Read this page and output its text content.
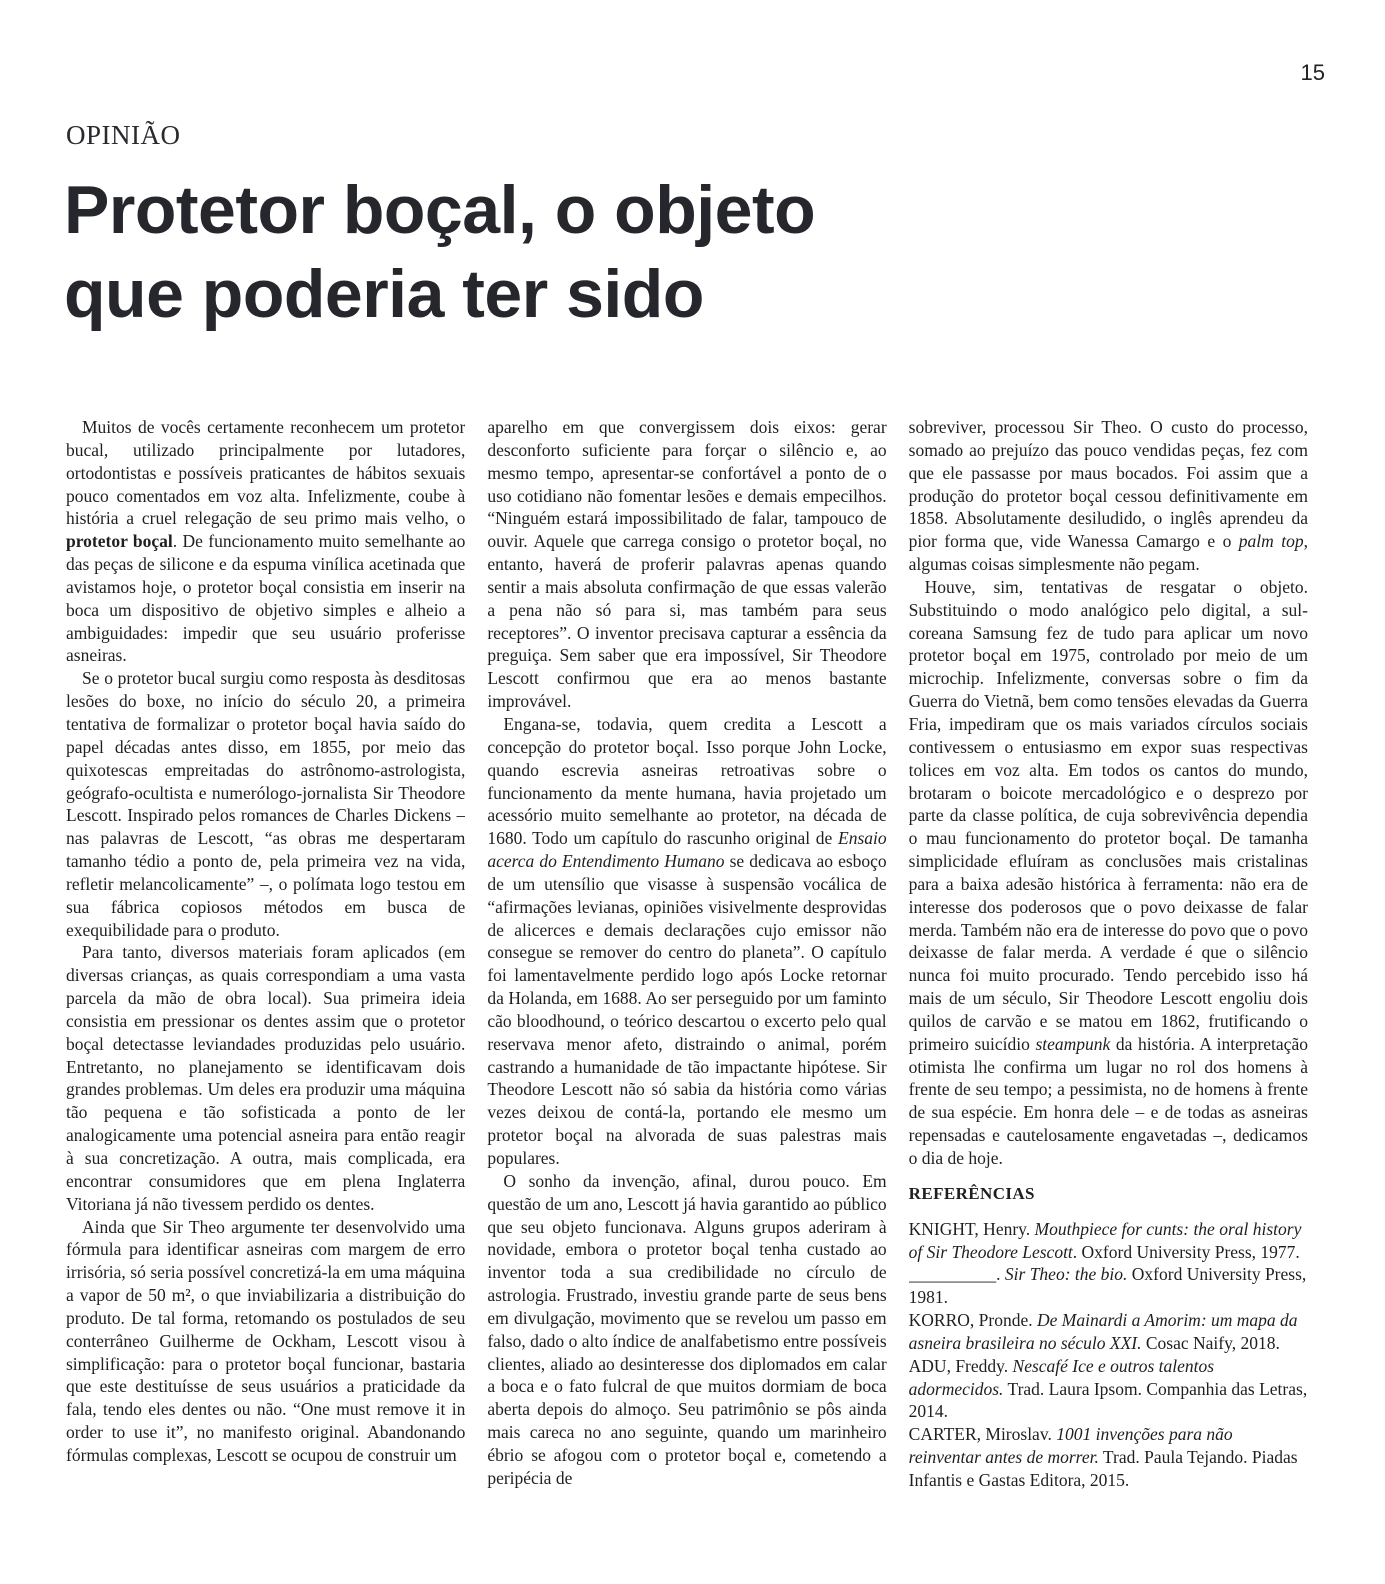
15
OPINIÃO
Protetor boçal, o objeto
que poderia ter sido

Muitos de vocês certamente reconhecem um protetor bucal, utilizado principalmente por lutadores, ortodontistas e possíveis praticantes de hábitos sexuais pouco comentados em voz alta. Infelizmente, coube à história a cruel relegação de seu primo mais velho, o protetor boçal. De funcionamento muito semelhante ao das peças de silicone e da espuma vinílica acetinada que avistamos hoje, o protetor boçal consistia em inserir na boca um dispositivo de objetivo simples e alheio a ambiguidades: impedir que seu usuário proferisse asneiras.

Se o protetor bucal surgiu como resposta às desditosas lesões do boxe, no início do século 20, a primeira tentativa de formalizar o protetor boçal havia saído do papel décadas antes disso, em 1855, por meio das quixotescas empreitadas do astrônomo-astrologista, geógrafo-ocultista e numerólogo-jornalista Sir Theodore Lescott. Inspirado pelos romances de Charles Dickens – nas palavras de Lescott, “as obras me despertaram tamanho tédio a ponto de, pela primeira vez na vida, refletir melancolicamente” –, o polímata logo testou em sua fábrica copiosos métodos em busca de exequibilidade para o produto.

Para tanto, diversos materiais foram aplicados (em diversas crianças, as quais correspondiam a uma vasta parcela da mão de obra local). Sua primeira ideia consistia em pressionar os dentes assim que o protetor boçal detectasse leviandades produzidas pelo usuário. Entretanto, no planejamento se identificavam dois grandes problemas. Um deles era produzir uma máquina tão pequena e tão sofisticada a ponto de ler analogicamente uma potencial asneira para então reagir à sua concretização. A outra, mais complicada, era encontrar consumidores que em plena Inglaterra Vitoriana já não tivessem perdido os dentes.

Ainda que Sir Theo argumente ter desenvolvido uma fórmula para identificar asneiras com margem de erro irrisória, só seria possível concretizá-la em uma máquina a vapor de 50 m², o que inviabilizaria a distribuição do produto. De tal forma, retomando os postulados de seu conterrâneo Guilherme de Ockham, Lescott visou à simplificação: para o protetor boçal funcionar, bastaria que este destituísse de seus usuários a praticidade da fala, tendo eles dentes ou não. “One must remove it in order to use it”, no manifesto original. Abandonando fórmulas complexas, Lescott se ocupou de construir um

aparelho em que convergissem dois eixos: gerar desconforto suficiente para forçar o silêncio e, ao mesmo tempo, apresentar-se confortável a ponto de o uso cotidiano não fomentar lesões e demais empecilhos. “Ninguém estará impossibilitado de falar, tampouco de ouvir. Aquele que carrega consigo o protetor boçal, no entanto, haverá de proferir palavras apenas quando sentir a mais absoluta confirmação de que essas valerão a pena não só para si, mas também para seus receptores”. O inventor precisava capturar a essência da preguiça. Sem saber que era impossível, Sir Theodore Lescott confirmou que era ao menos bastante improvável.

Engana-se, todavia, quem credita a Lescott a concepção do protetor boçal. Isso porque John Locke, quando escrevia asneiras retroativas sobre o funcionamento da mente humana, havia projetado um acessório muito semelhante ao protetor, na década de 1680. Todo um capítulo do rascunho original de Ensaio acerca do Entendimento Humano se dedicava ao esboço de um utensílio que visasse à suspensão vocálica de “afirmações levianas, opiniões visivelmente desprovidas de alicerces e demais declarações cujo emissor não consegue se remover do centro do planeta”. O capítulo foi lamentavelmente perdido logo após Locke retornar da Holanda, em 1688. Ao ser perseguido por um faminto cão bloodhound, o teórico descartou o excerto pelo qual reservava menor afeto, distraindo o animal, porém castrando a humanidade de tão impactante hipótese. Sir Theodore Lescott não só sabia da história como várias vezes deixou de contá-la, portando ele mesmo um protetor boçal na alvorada de suas palestras mais populares.

O sonho da invenção, afinal, durou pouco. Em questão de um ano, Lescott já havia garantido ao público que seu objeto funcionava. Alguns grupos aderiram à novidade, embora o protetor boçal tenha custado ao inventor toda a sua credibilidade no círculo de astrologia. Frustrado, investiu grande parte de seus bens em divulgação, movimento que se revelou um passo em falso, dado o alto índice de analfabetismo entre possíveis clientes, aliado ao desinteresse dos diplomados em calar a boca e o fato fulcral de que muitos dormiam de boca aberta depois do almoço. Seu patrimônio se pôs ainda mais careca no ano seguinte, quando um marinheiro ébrio se afogou com o protetor boçal e, cometendo a peripécia de

sobreviver, processou Sir Theo. O custo do processo, somado ao prejuízo das pouco vendidas peças, fez com que ele passasse por maus bocados. Foi assim que a produção do protetor boçal cessou definitivamente em 1858. Absolutamente desiludido, o inglês aprendeu da pior forma que, vide Wanessa Camargo e o palm top, algumas coisas simplesmente não pegam.

Houve, sim, tentativas de resgatar o objeto. Substituindo o modo analógico pelo digital, a sul-coreana Samsung fez de tudo para aplicar um novo protetor boçal em 1975, controlado por meio de um microchip. Infelizmente, conversas sobre o fim da Guerra do Vietnã, bem como tensões elevadas da Guerra Fria, impediram que os mais variados círculos sociais contivessem o entusiasmo em expor suas respectivas tolices em voz alta. Em todos os cantos do mundo, brotaram o boicote mercadológico e o desprezo por parte da classe política, de cuja sobrevivência dependia o mau funcionamento do protetor boçal. De tamanha simplicidade efluíram as conclusões mais cristalinas para a baixa adesão histórica à ferramenta: não era de interesse dos poderosos que o povo deixasse de falar merda. Também não era de interesse do povo que o povo deixasse de falar merda. A verdade é que o silêncio nunca foi muito procurado. Tendo percebido isso há mais de um século, Sir Theodore Lescott engoliu dois quilos de carvão e se matou em 1862, frutificando o primeiro suicídio steampunk da história. A interpretação otimista lhe confirma um lugar no rol dos homens à frente de seu tempo; a pessimista, no de homens à frente de sua espécie. Em honra dele – e de todas as asneiras repensadas e cautelosamente engavetadas –, dedicamos o dia de hoje.

REFERÊNCIAS

KNIGHT, Henry. Mouthpiece for cunts: the oral history of Sir Theodore Lescott. Oxford University Press, 1977.

__________. Sir Theo: the bio. Oxford University Press, 1981.

KORRO, Pronde. De Mainardi a Amorim: um mapa da asneira brasileira no século XXI. Cosac Naify, 2018.

ADU, Freddy. Nescafé Ice e outros talentos adormecidos. Trad. Laura Ipsom. Companhia das Letras, 2014.

CARTER, Miroslav. 1001 invenções para não reinventar antes de morrer. Trad. Paula Tejando. Piadas Infantis e Gastas Editora, 2015.
